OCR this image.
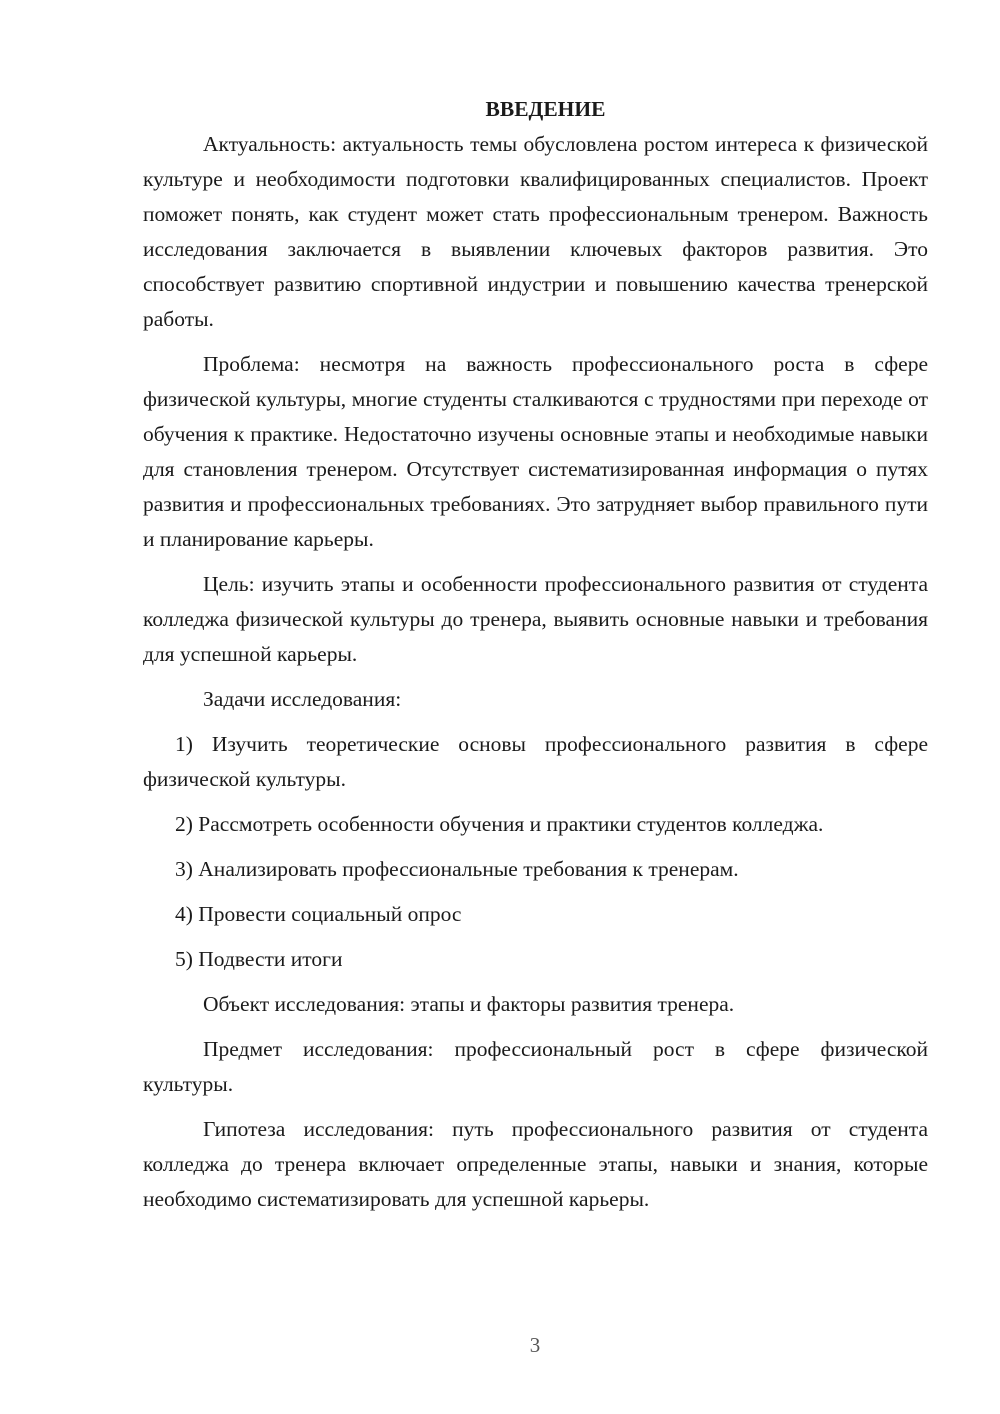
ВВЕДЕНИЕ

Актуальность: актуальность темы обусловлена ростом интереса к физической культуре и необходимости подготовки квалифицированных специалистов. Проект поможет понять, как студент может стать профессиональным тренером. Важность исследования заключается в выявлении ключевых факторов развития. Это способствует развитию спортивной индустрии и повышению качества тренерской работы.

Проблема: несмотря на важность профессионального роста в сфере физической культуры, многие студенты сталкиваются с трудностями при переходе от обучения к практике. Недостаточно изучены основные этапы и необходимые навыки для становления тренером. Отсутствует систематизированная информация о путях развития и профессиональных требованиях. Это затрудняет выбор правильного пути и планирование карьеры.

Цель: изучить этапы и особенности профессионального развития от студента колледжа физической культуры до тренера, выявить основные навыки и требования для успешной карьеры.

Задачи исследования:

1) Изучить теоретические основы профессионального развития в сфере физической культуры.

2) Рассмотреть особенности обучения и практики студентов колледжа.

3) Анализировать профессиональные требования к тренерам.

4) Провести социальный опрос

5) Подвести итоги

Объект исследования: этапы и факторы развития тренера.

Предмет исследования: профессиональный рост в сфере физической культуры.

Гипотеза исследования: путь профессионального развития от студента колледжа до тренера включает определенные этапы, навыки и знания, которые необходимо систематизировать для успешной карьеры.

3
